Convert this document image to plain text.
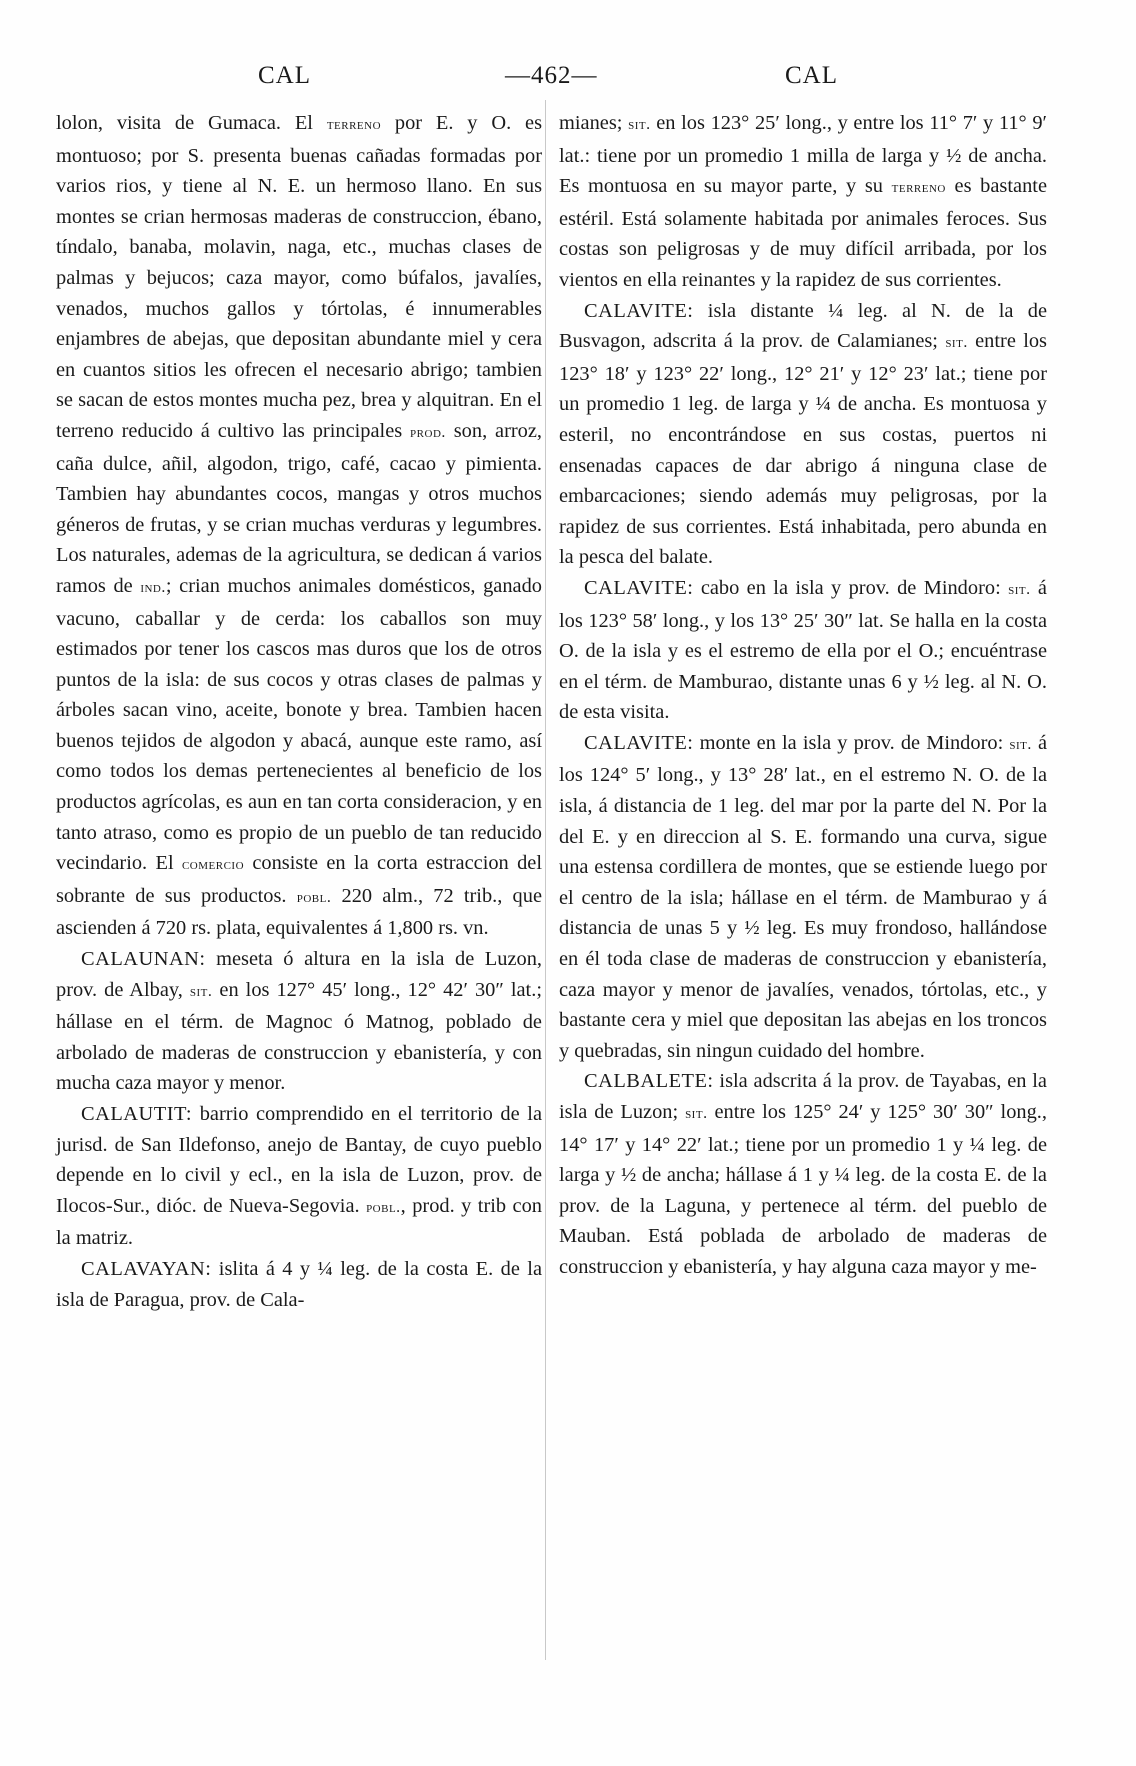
CAL	—462—	CAL

lolon, visita de Gumaca. El terreno por E. y O. es montuoso; por S. presenta buenas cañadas formadas por varios rios, y tiene al N. E. un hermoso llano. En sus montes se crian hermosas maderas de construccion, ébano, tíndalo, banaba, molavin, naga, etc., muchas clases de palmas y bejucos; caza mayor, como búfalos, javalíes, venados, muchos gallos y tórtolas, é innumerables enjambres de abejas, que depositan abundante miel y cera en cuantos sitios les ofrecen el necesario abrigo; tambien se sacan de estos montes mucha pez, brea y alquitran. En el terreno reducido á cultivo las principales prod. son, arroz, caña dulce, añil, algodon, trigo, café, cacao y pimienta. Tambien hay abundantes cocos, mangas y otros muchos géneros de frutas, y se crian muchas verduras y legumbres. Los naturales, ademas de la agricultura, se dedican á varios ramos de ind.; crian muchos animales domésticos, ganado vacuno, caballar y de cerda: los caballos son muy estimados por tener los cascos mas duros que los de otros puntos de la isla: de sus cocos y otras clases de palmas y árboles sacan vino, aceite, bonote y brea. Tambien hacen buenos tejidos de algodon y abacá, aunque este ramo, así como todos los demas pertenecientes al beneficio de los productos agrícolas, es aun en tan corta consideracion, y en tanto atraso, como es propio de un pueblo de tan reducido vecindario. El comercio consiste en la corta estraccion del sobrante de sus productos. pobl. 220 alm., 72 trib., que ascienden á 720 rs. plata, equivalentes á 1,800 rs. vn.

CALAUNAN: meseta ó altura en la isla de Luzon, prov. de Albay, sit. en los 127° 45′ long., 12° 42′ 30″ lat.; hállase en el térm. de Magnoc ó Matnog, poblado de arbolado de maderas de construccion y ebanistería, y con mucha caza mayor y menor.

CALAUTIT: barrio comprendido en el territorio de la jurisd. de San Ildefonso, anejo de Bantay, de cuyo pueblo depende en lo civil y ecl., en la isla de Luzon, prov. de Ilocos-Sur., dióc. de Nueva-Segovia. pobl., prod. y trib con la matriz.

CALAVAYAN: islita á 4 y ¼ leg. de la costa E. de la isla de Paragua, prov. de Cala-

mianes; sit. en los 123° 25′ long., y entre los 11° 7′ y 11° 9′ lat.: tiene por un promedio 1 milla de larga y ½ de ancha. Es montuosa en su mayor parte, y su terreno es bastante estéril. Está solamente habitada por animales feroces. Sus costas son peligrosas y de muy difícil arribada, por los vientos en ella reinantes y la rapidez de sus corrientes.

CALAVITE: isla distante ¼ leg. al N. de la de Busvagon, adscrita á la prov. de Calamianes; sit. entre los 123° 18′ y 123° 22′ long., 12° 21′ y 12° 23′ lat.; tiene por un promedio 1 leg. de larga y ¼ de ancha. Es montuosa y esteril, no encontrándose en sus costas, puertos ni ensenadas capaces de dar abrigo á ninguna clase de embarcaciones; siendo además muy peligrosas, por la rapidez de sus corrientes. Está inhabitada, pero abunda en la pesca del balate.

CALAVITE: cabo en la isla y prov. de Mindoro: sit. á los 123° 58′ long., y los 13° 25′ 30″ lat. Se halla en la costa O. de la isla y es el estremo de ella por el O.; encuéntrase en el térm. de Mamburao, distante unas 6 y ½ leg. al N. O. de esta visita.

CALAVITE: monte en la isla y prov. de Mindoro: sit. á los 124° 5′ long., y 13° 28′ lat., en el estremo N. O. de la isla, á distancia de 1 leg. del mar por la parte del N. Por la del E. y en direccion al S. E. formando una curva, sigue una estensa cordillera de montes, que se estiende luego por el centro de la isla; hállase en el térm. de Mamburao y á distancia de unas 5 y ½ leg. Es muy frondoso, hallándose en él toda clase de maderas de construccion y ebanistería, caza mayor y menor de javalíes, venados, tórtolas, etc., y bastante cera y miel que depositan las abejas en los troncos y quebradas, sin ningun cuidado del hombre.

CALBALETE: isla adscrita á la prov. de Tayabas, en la isla de Luzon; sit. entre los 125° 24′ y 125° 30′ 30″ long., 14° 17′ y 14° 22′ lat.; tiene por un promedio 1 y ¼ leg. de larga y ½ de ancha; hállase á 1 y ¼ leg. de la costa E. de la prov. de la Laguna, y pertenece al térm. del pueblo de Mauban. Está poblada de arbolado de maderas de construccion y ebanistería, y hay alguna caza mayor y me-
